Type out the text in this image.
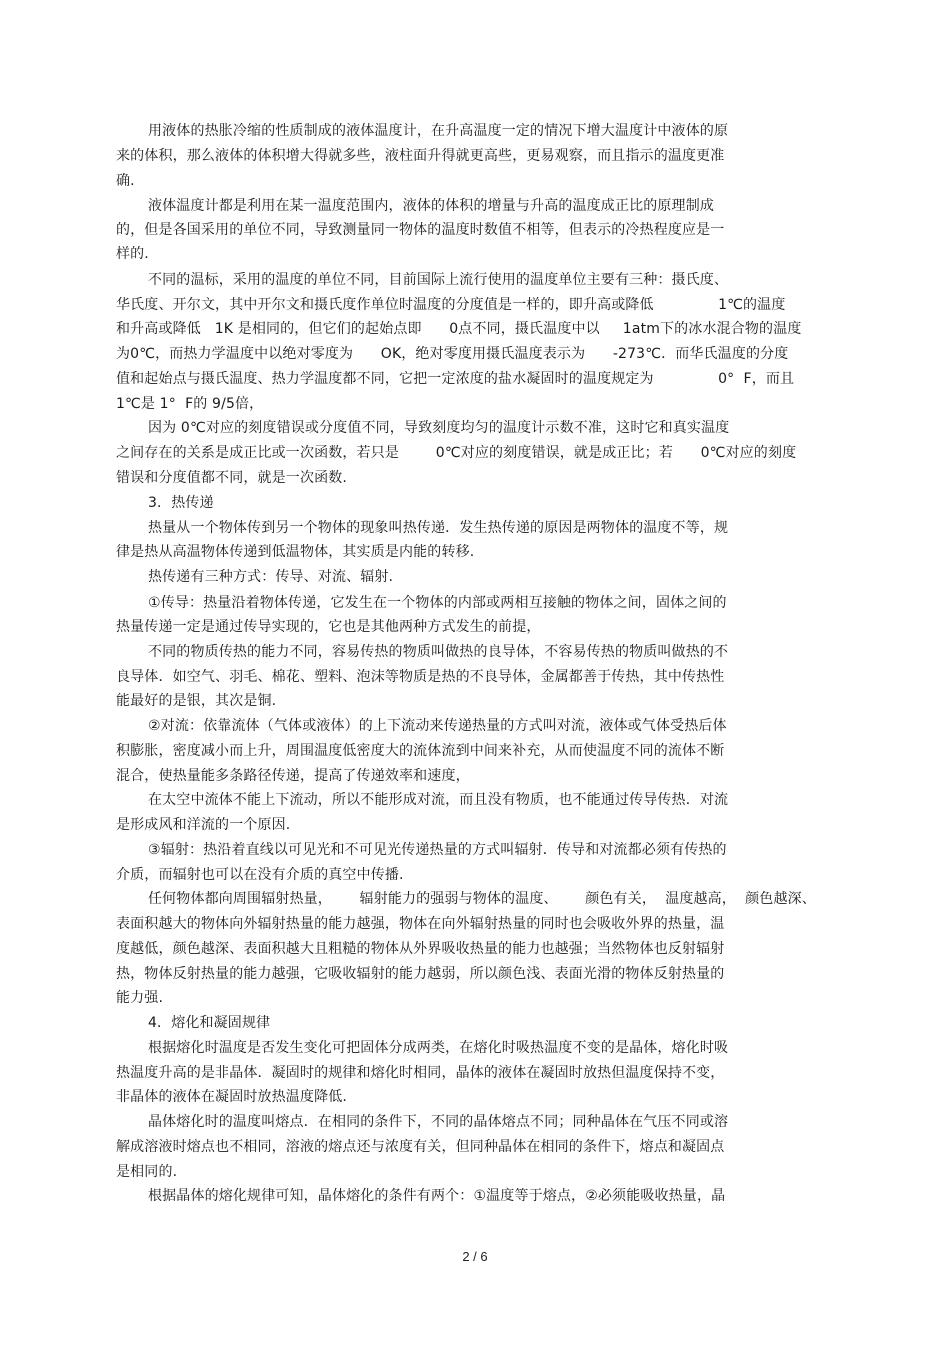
用液体的热胀冷缩的性质制成的液体温度计，在升高温度一定的情况下增大温度计中液体的原
来的体积，那么液体的体积增大得就多些，液柱面升得就更高些，更易观察，而且指示的温度更准
确.
液体温度计都是利用在某一温度范围内，液体的体积的增量与升高的温度成正比的原理制成
的，但是各国采用的单位不同，导致测量同一物体的温度时数值不相等，但表示的冷热程度应是一
样的.
不同的温标，采用的温度的单位不同，目前国际上流行使用的温度单位主要有三种：摄氏度、
华氏度、开尔文，其中开尔文和摄氏度作单位时温度的分度值是一样的，即升高或降低              1℃的温度
和升高或降低   1K 是相同的，但它们的起始点即      0点不同，摄氏温度中以     1atm下的冰水混合物的温度
为0℃，而热力学温度中以绝对零度为      OK，绝对零度用摄氏温度表示为      -273℃．而华氏温度的分度
值和起始点与摄氏温度、热力学温度都不同，它把一定浓度的盐水凝固时的温度规定为              0°  F，而且
1℃是 1°  F的 9/5倍，
因为 0℃对应的刻度错误或分度值不同，导致刻度均匀的温度计示数不准，这时它和真实温度
之间存在的关系是成正比或一次函数，若只是        0℃对应的刻度错误，就是成正比；若      0℃对应的刻度
错误和分度值都不同，就是一次函数.
3．热传递
热量从一个物体传到另一个物体的现象叫热传递．发生热传递的原因是两物体的温度不等，规
律是热从高温物体传递到低温物体，其实质是内能的转移.
热传递有三种方式：传导、对流、辐射.
①传导：热量沿着物体传递，它发生在一个物体的内部或两相互接触的物体之间，固体之间的
热量传递一定是通过传导实现的，它也是其他两种方式发生的前提，
不同的物质传热的能力不同，容易传热的物质叫做热的良导体，不容易传热的物质叫做热的不
良导体．如空气、羽毛、棉花、塑料、泡沫等物质是热的不良导体，金属都善于传热，其中传热性
能最好的是银，其次是铜.
②对流：依靠流体（气体或液体）的上下流动来传递热量的方式叫对流，液体或气体受热后体
积膨胀，密度减小而上升，周围温度低密度大的流体流到中间来补充，从而使温度不同的流体不断
混合，使热量能多条路径传递，提高了传递效率和速度，
在太空中流体不能上下流动，所以不能形成对流，而且没有物质，也不能通过传导传热．对流
是形成风和洋流的一个原因.
③辐射：热沿着直线以可见光和不可见光传递热量的方式叫辐射．传导和对流都必须有传热的
介质，而辐射也可以在没有介质的真空中传播.
任何物体都向周围辐射热量，      辐射能力的强弱与物体的温度、      颜色有关，  温度越高，  颜色越深、
表面积越大的物体向外辐射热量的能力越强，物体在向外辐射热量的同时也会吸收外界的热量，温
度越低，颜色越深、表面积越大且粗糙的物体从外界吸收热量的能力也越强；当然物体也反射辐射
热，物体反射热量的能力越强，它吸收辐射的能力越弱，所以颜色浅、表面光滑的物体反射热量的
能力强.
4．熔化和凝固规律
根据熔化时温度是否发生变化可把固体分成两类，在熔化时吸热温度不变的是晶体，熔化时吸
热温度升高的是非晶体．凝固时的规律和熔化时相同，晶体的液体在凝固时放热但温度保持不变，
非晶体的液体在凝固时放热温度降低.
晶体熔化时的温度叫熔点．在相同的条件下，不同的晶体熔点不同；同种晶体在气压不同或溶
解成溶液时熔点也不相同，溶液的熔点还与浓度有关，但同种晶体在相同的条件下，熔点和凝固点
是相同的.
根据晶体的熔化规律可知，晶体熔化的条件有两个：①温度等于熔点，②必须能吸收热量，晶
2 / 6
